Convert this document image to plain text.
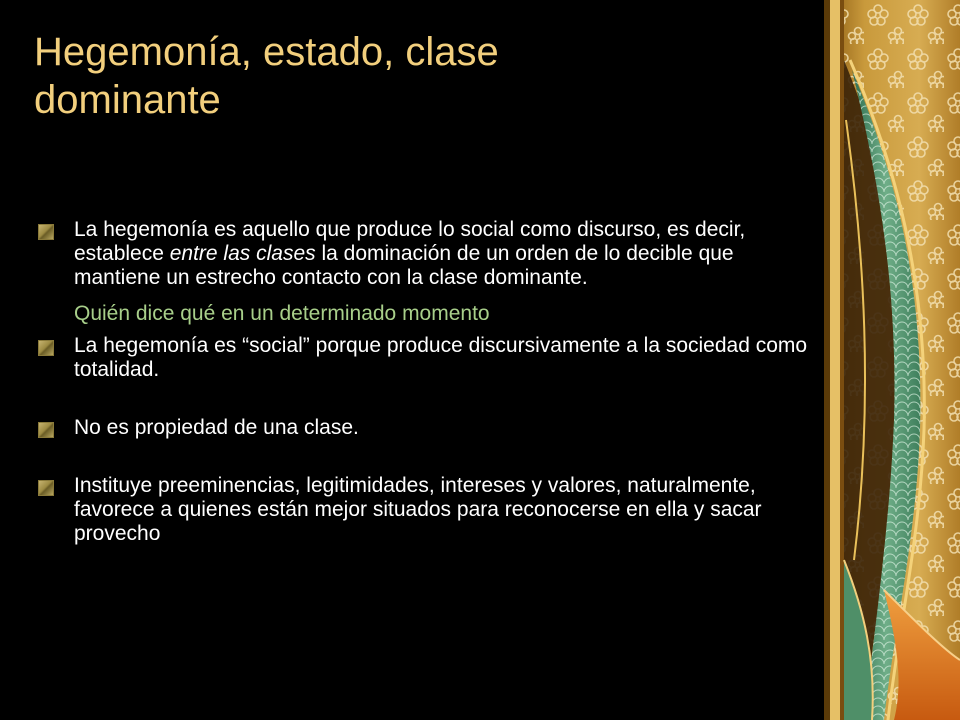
Hegemonía, estado, clase
dominante
La hegemonía es aquello que produce lo social como discurso, es decir, establece entre las clases la dominación de un orden de lo decible que mantiene un estrecho contacto con la clase dominante.
Quién dice qué en un determinado momento
La hegemonía es “social” porque produce discursivamente a la sociedad como totalidad.
No es propiedad de una clase.
Instituye preeminencias, legitimidades, intereses y valores, naturalmente, favorece a quienes están mejor situados para reconocerse en ella y sacar provecho
